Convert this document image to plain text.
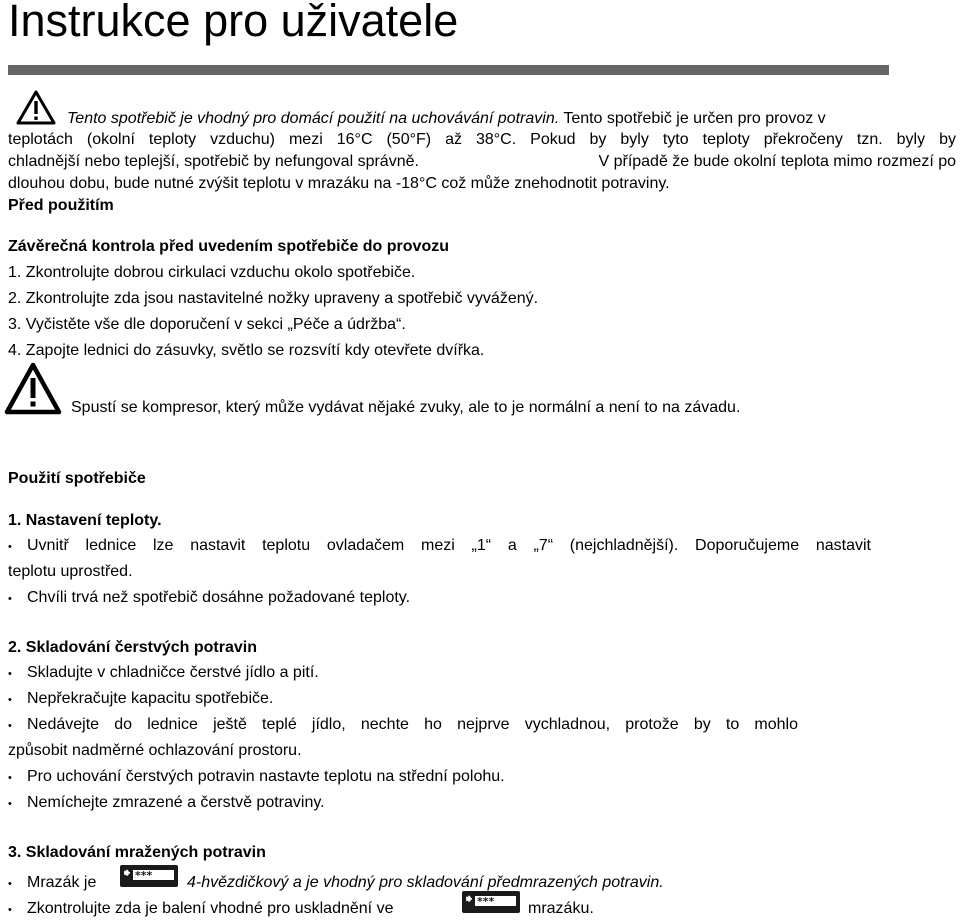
Instrukce pro uživatele
Tento spotřebič je vhodný pro domácí použití na uchovávání potravin. Tento spotřebič je určen pro provoz v
teplotách (okolní teploty vzduchu) mezi 16°C (50°F) až 38°C. Pokud by byly tyto teploty překročeny tzn. byly by
chladnější nebo teplejší, spotřebič by nefungoval správně.	V případě že bude okolní teplota mimo rozmezí po
dlouhou dobu, bude nutné zvýšit teplotu v mrazáku na -18°C což může znehodnotit potraviny.
Před použitím
Závěrečná kontrola před uvedením spotřebiče do provozu
1. Zkontrolujte dobrou cirkulaci vzduchu okolo spotřebiče.
2. Zkontrolujte zda jsou nastavitelné nožky upraveny a spotřebič vyvážený.
3. Vyčistěte vše dle doporučení v sekci „Péče a údržba“.
4. Zapojte lednici do zásuvky, světlo se rozsvítí kdy otevřete dvířka.
Spustí se kompresor, který může vydávat nějaké zvuky, ale to je normální a není to na závadu.
Použití spotřebiče
1. Nastavení teploty.
• Uvnitř lednice lze nastavit teplotu ovladačem mezi „1“ a „7“ (nejchladnější). Doporučujeme nastavit
teplotu uprostřed.
• Chvíli trvá než spotřebič dosáhne požadované teploty.
2. Skladování čerstvých potravin
• Skladujte v chladničce čerstvé jídlo a pití.
• Nepřekračujte kapacitu spotřebiče.
• Nedávejte do lednice ještě teplé jídlo, nechte ho nejprve vychladnou, protože by to mohlo
způsobit nadměrné ochlazování prostoru.
• Pro uchování čerstvých potravin nastavte teplotu na střední polohu.
• Nemíchejte zmrazené a čerstvě potraviny.
3. Skladování mražených potravin
• Mrazák je	*** 4-hvězdičkový a je vhodný pro skladování předmrazených potravin.
• Zkontrolujte zda je balení vhodné pro uskladnění ve	*** mrazáku.
